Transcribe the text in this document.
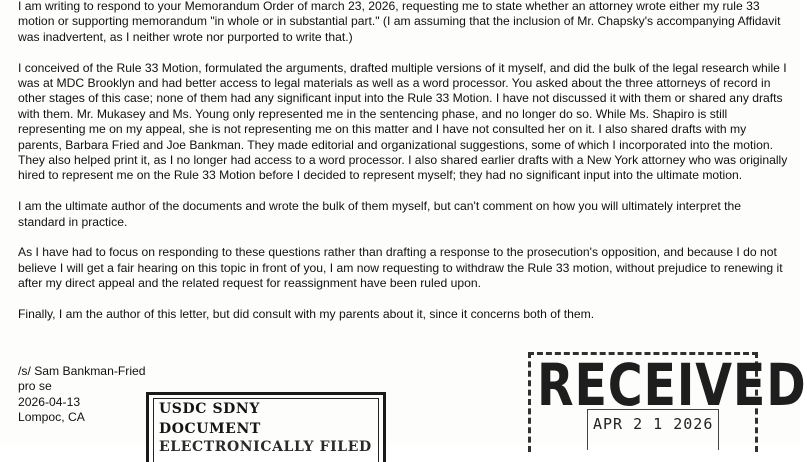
I am writing to respond to your Memorandum Order of march 23, 2026, requesting me to state whether an attorney wrote either my rule 33 motion or supporting memorandum "in whole or in substantial part." (I am assuming that the inclusion of Mr. Chapsky's accompanying Affidavit was inadvertent, as I neither wrote nor purported to write that.)

I conceived of the Rule 33 Motion, formulated the arguments, drafted multiple versions of it myself, and did the bulk of the legal research while I was at MDC Brooklyn and had better access to legal materials as well as a word processor. You asked about the three attorneys of record in other stages of this case; none of them had any significant input into the Rule 33 Motion. I have not discussed it with them or shared any drafts with them. Mr. Mukasey and Ms. Young only represented me in the sentencing phase, and no longer do so. While Ms. Shapiro is still representing me on my appeal, she is not representing me on this matter and I have not consulted her on it. I also shared drafts with my parents, Barbara Fried and Joe Bankman. They made editorial and organizational suggestions, some of which I incorporated into the motion. They also helped print it, as I no longer had access to a word processor. I also shared earlier drafts with a New York attorney who was originally hired to represent me on the Rule 33 Motion before I decided to represent myself; they had no significant input into the ultimate motion.

I am the ultimate author of the documents and wrote the bulk of them myself, but can't comment on how you will ultimately interpret the standard in practice.

As I have had to focus on responding to these questions rather than drafting a response to the prosecution's opposition, and because I do not believe I will get a fair hearing on this topic in front of you, I am now requesting to withdraw the Rule 33 motion, without prejudice to renewing it after my direct appeal and the related request for reassignment have been ruled upon.

Finally, I am the author of this letter, but did consult with my parents about it, since it concerns both of them.

/s/ Sam Bankman-Fried
pro se
2026-04-13
Lompoc, CA
USDC SDNY
DOCUMENT
ELECTRONICALLY FILED
RECEIVED
APR 2 1 2026
